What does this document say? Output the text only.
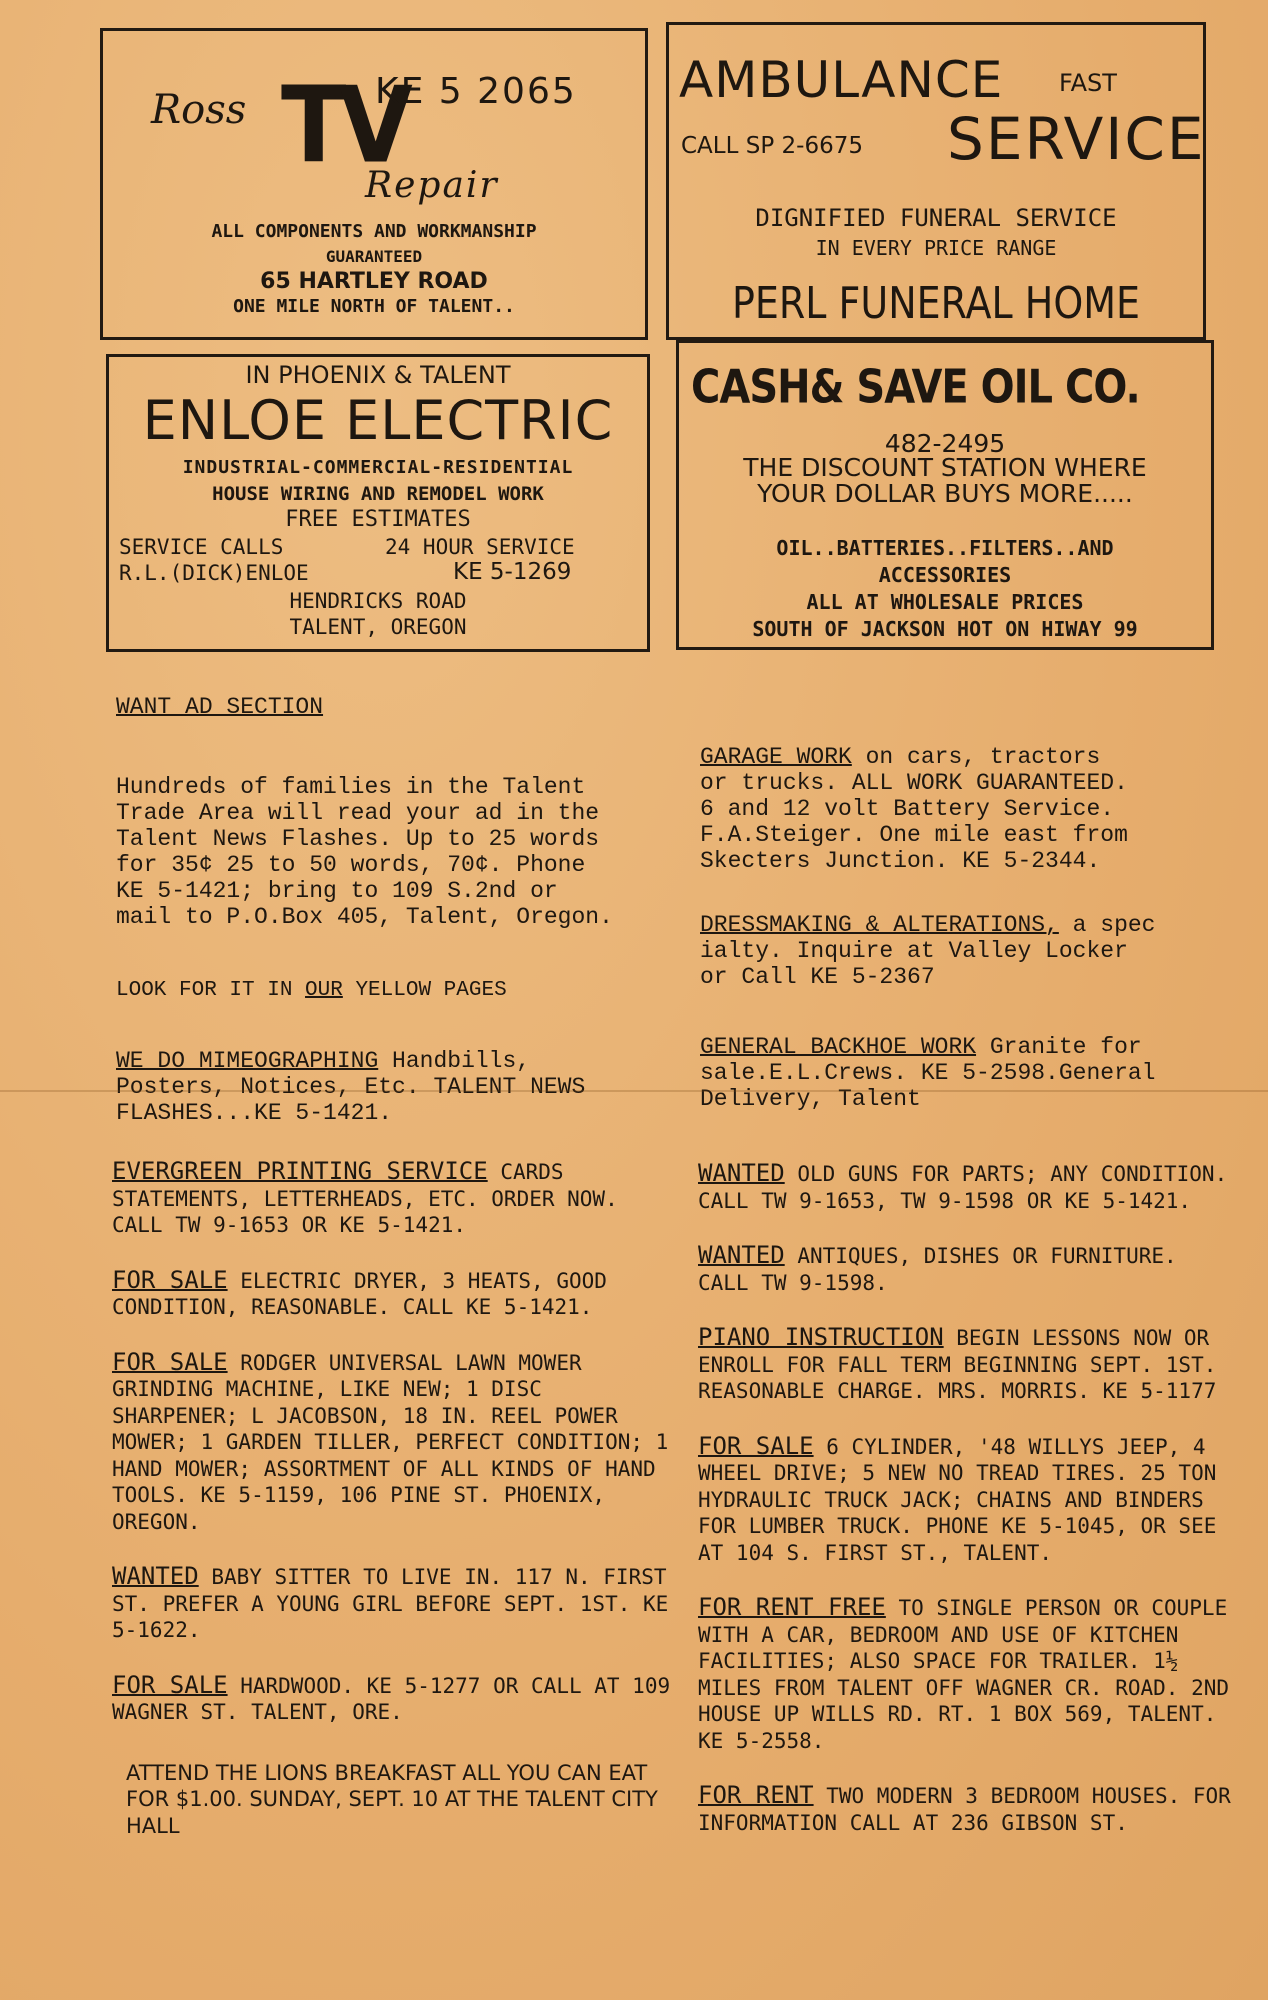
Ross TV
Repair
KE 5 2065
ALL COMPONENTS AND WORKMANSHIP
GUARANTEED
65 HARTLEY ROAD
ONE MILE NORTH OF TALENT..
AMBULANCE FAST
CALL SP 2-6675 SERVICE
DIGNIFIED FUNERAL SERVICE
IN EVERY PRICE RANGE
PERL FUNERAL HOME
IN PHOENIX & TALENT
ENLOE ELECTRIC
INDUSTRIAL-COMMERCIAL-RESIDENTIAL
HOUSE WIRING AND REMODEL WORK
FREE ESTIMATES
SERVICE CALLS	24 HOUR SERVICE
R.L.(DICK)ENLOE	KE 5-1269
HENDRICKS ROAD
TALENT, OREGON
CASH& SAVE OIL CO.
482-2495
THE DISCOUNT STATION WHERE
YOUR DOLLAR BUYS MORE.....
OIL..BATTERIES..FILTERS..AND
ACCESSORIES
ALL AT WHOLESALE PRICES
SOUTH OF JACKSON HOT ON HIWAY 99

WANT AD SECTION

Hundreds of families in the Talent
Trade Area will read your ad in the
Talent News Flashes. Up to 25 words
for 35¢ 25 to 50 words, 70¢. Phone
KE 5-1421; bring to 109 S.2nd or
mail to P.O.Box 405, Talent, Oregon.

LOOK FOR IT IN OUR YELLOW PAGES

WE DO MIMEOGRAPHING Handbills,
Posters, Notices, Etc. TALENT NEWS
FLASHES...KE 5-1421.

GARAGE WORK on cars, tractors
or trucks. ALL WORK GUARANTEED.
6 and 12 volt Battery Service.
F.A.Steiger. One mile east from
Skecters Junction. KE 5-2344.

DRESSMAKING & ALTERATIONS, a spec
ialty. Inquire at Valley Locker
or Call KE 5-2367

GENERAL BACKHOE WORK Granite for
sale.E.L.Crews. KE 5-2598.General
Delivery, Talent

EVERGREEN PRINTING SERVICE CARDS STATEMENTS, LETTERHEADS, ETC. ORDER NOW. CALL TW 9-1653 OR KE 5-1421.

FOR SALE ELECTRIC DRYER, 3 HEATS, GOOD CONDITION, REASONABLE. CALL KE 5-1421.

FOR SALE RODGER UNIVERSAL LAWN MOWER GRINDING MACHINE, LIKE NEW; 1 DISC SHARPENER; L JACOBSON, 18 IN. REEL POWER MOWER; 1 GARDEN TILLER, PERFECT CONDITION; 1 HAND MOWER; ASSORTMENT OF ALL KINDS OF HAND TOOLS. KE 5-1159, 106 PINE ST. PHOENIX, OREGON.

WANTED BABY SITTER TO LIVE IN. 117 N. FIRST ST. PREFER A YOUNG GIRL BEFORE SEPT. 1ST. KE 5-1622.

FOR SALE HARDWOOD. KE 5-1277 OR CALL AT 109 WAGNER ST. TALENT, ORE.

ATTEND THE LIONS BREAKFAST ALL YOU CAN EAT FOR $1.00. SUNDAY, SEPT. 10 AT THE TALENT CITY HALL

WANTED OLD GUNS FOR PARTS; ANY CONDITION. CALL TW 9-1653, TW 9-1598 OR KE 5-1421.

WANTED ANTIQUES, DISHES OR FURNITURE. CALL TW 9-1598.

PIANO INSTRUCTION BEGIN LESSONS NOW OR ENROLL FOR FALL TERM BEGINNING SEPT. 1ST. REASONABLE CHARGE. MRS. MORRIS. KE 5-1177

FOR SALE 6 CYLINDER, '48 WILLYS JEEP, 4 WHEEL DRIVE; 5 NEW NO TREAD TIRES. 25 TON HYDRAULIC TRUCK JACK; CHAINS AND BINDERS FOR LUMBER TRUCK. PHONE KE 5-1045, OR SEE AT 104 S. FIRST ST., TALENT.

FOR RENT FREE TO SINGLE PERSON OR COUPLE WITH A CAR, BEDROOM AND USE OF KITCHEN FACILITIES; ALSO SPACE FOR TRAILER. 1½ MILES FROM TALENT OFF WAGNER CR. ROAD. 2ND HOUSE UP WILLS RD. RT. 1 BOX 569, TALENT. KE 5-2558.

FOR RENT TWO MODERN 3 BEDROOM HOUSES. FOR INFORMATION CALL AT 236 GIBSON ST.
